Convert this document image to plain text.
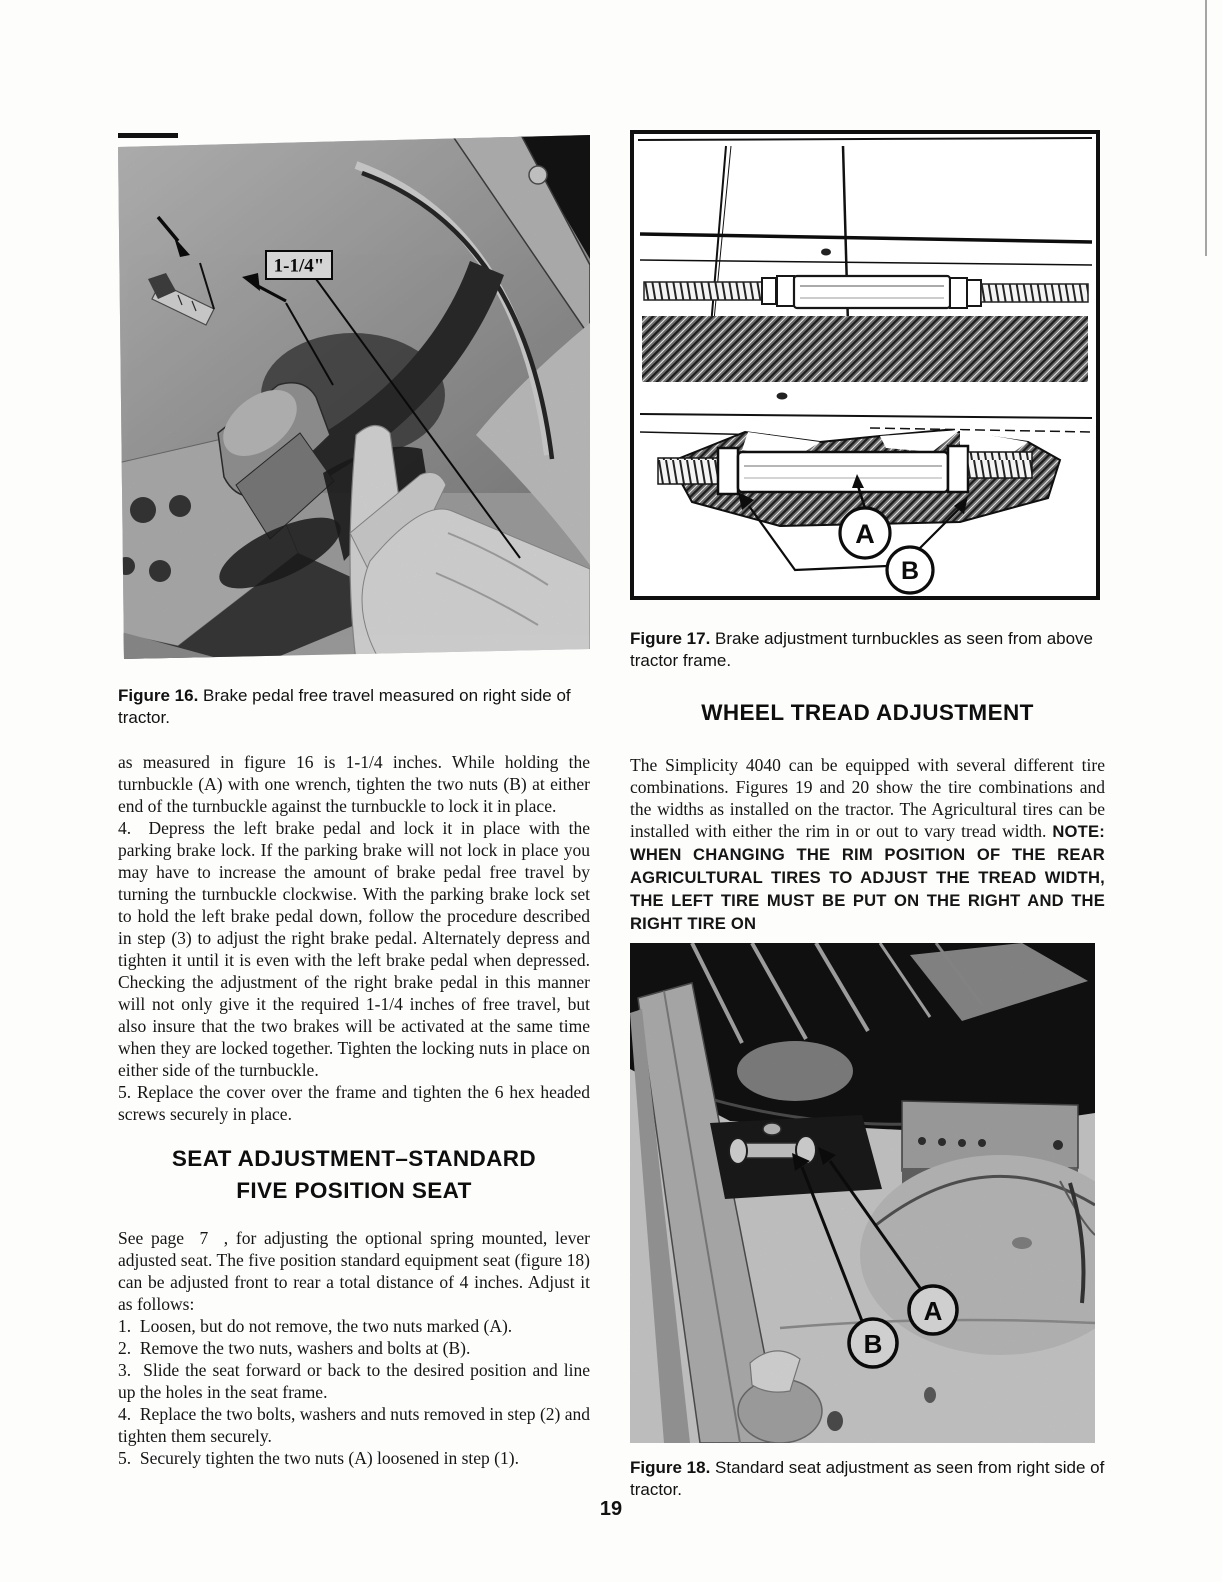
1-1/4"

Figure 16. Brake pedal free travel measured on right side of tractor.

as measured in figure 16 is 1-1/4 inches. While holding the turnbuckle (A) with one wrench, tighten the two nuts (B) at either end of the turnbuckle against the turnbuckle to lock it in place.

4.  Depress the left brake pedal and lock it in place with the parking brake lock. If the parking brake will not lock in place you may have to increase the amount of brake pedal free travel by turning the turnbuckle clockwise. With the parking brake lock set to hold the left brake pedal down, follow the procedure described in step (3) to adjust the right brake pedal. Alternately depress and tighten it until it is even with the left brake pedal when depressed. Checking the adjustment of the right brake pedal in this manner will not only give it the required 1-1/4 inches of free travel, but also insure that the two brakes will be activated at the same time when they are locked together. Tighten the locking nuts in place on either side of the turnbuckle.

5. Replace the cover over the frame and tighten the 6 hex headed screws securely in place.

SEAT ADJUSTMENT–STANDARD
FIVE POSITION SEAT

See page  7  , for adjusting the optional spring mounted, lever adjusted seat. The five position standard equipment seat (figure 18) can be adjusted front to rear a total distance of 4 inches. Adjust it as follows:

1.  Loosen, but do not remove, the two nuts marked (A).

2.  Remove the two nuts, washers and bolts at (B).

3.  Slide the seat forward or back to the desired position and line up the holes in the seat frame.

4.  Replace the two bolts, washers and nuts removed in step (2) and tighten them securely.

5.  Securely tighten the two nuts (A) loosened in step (1).

A
B

Figure 17. Brake adjustment turnbuckles as seen from above tractor frame.

WHEEL TREAD ADJUSTMENT

The Simplicity 4040 can be equipped with several different tire combinations. Figures 19 and 20 show the tire combinations and the widths as installed on the tractor. The Agricultural tires can be installed with either the rim in or out to vary tread width. NOTE: WHEN CHANGING THE RIM POSITION OF THE REAR AGRICULTURAL TIRES TO ADJUST THE TREAD WIDTH, THE LEFT TIRE MUST BE PUT ON THE RIGHT AND THE RIGHT TIRE ON

A
B

Figure 18. Standard seat adjustment as seen from right side of tractor.

19
